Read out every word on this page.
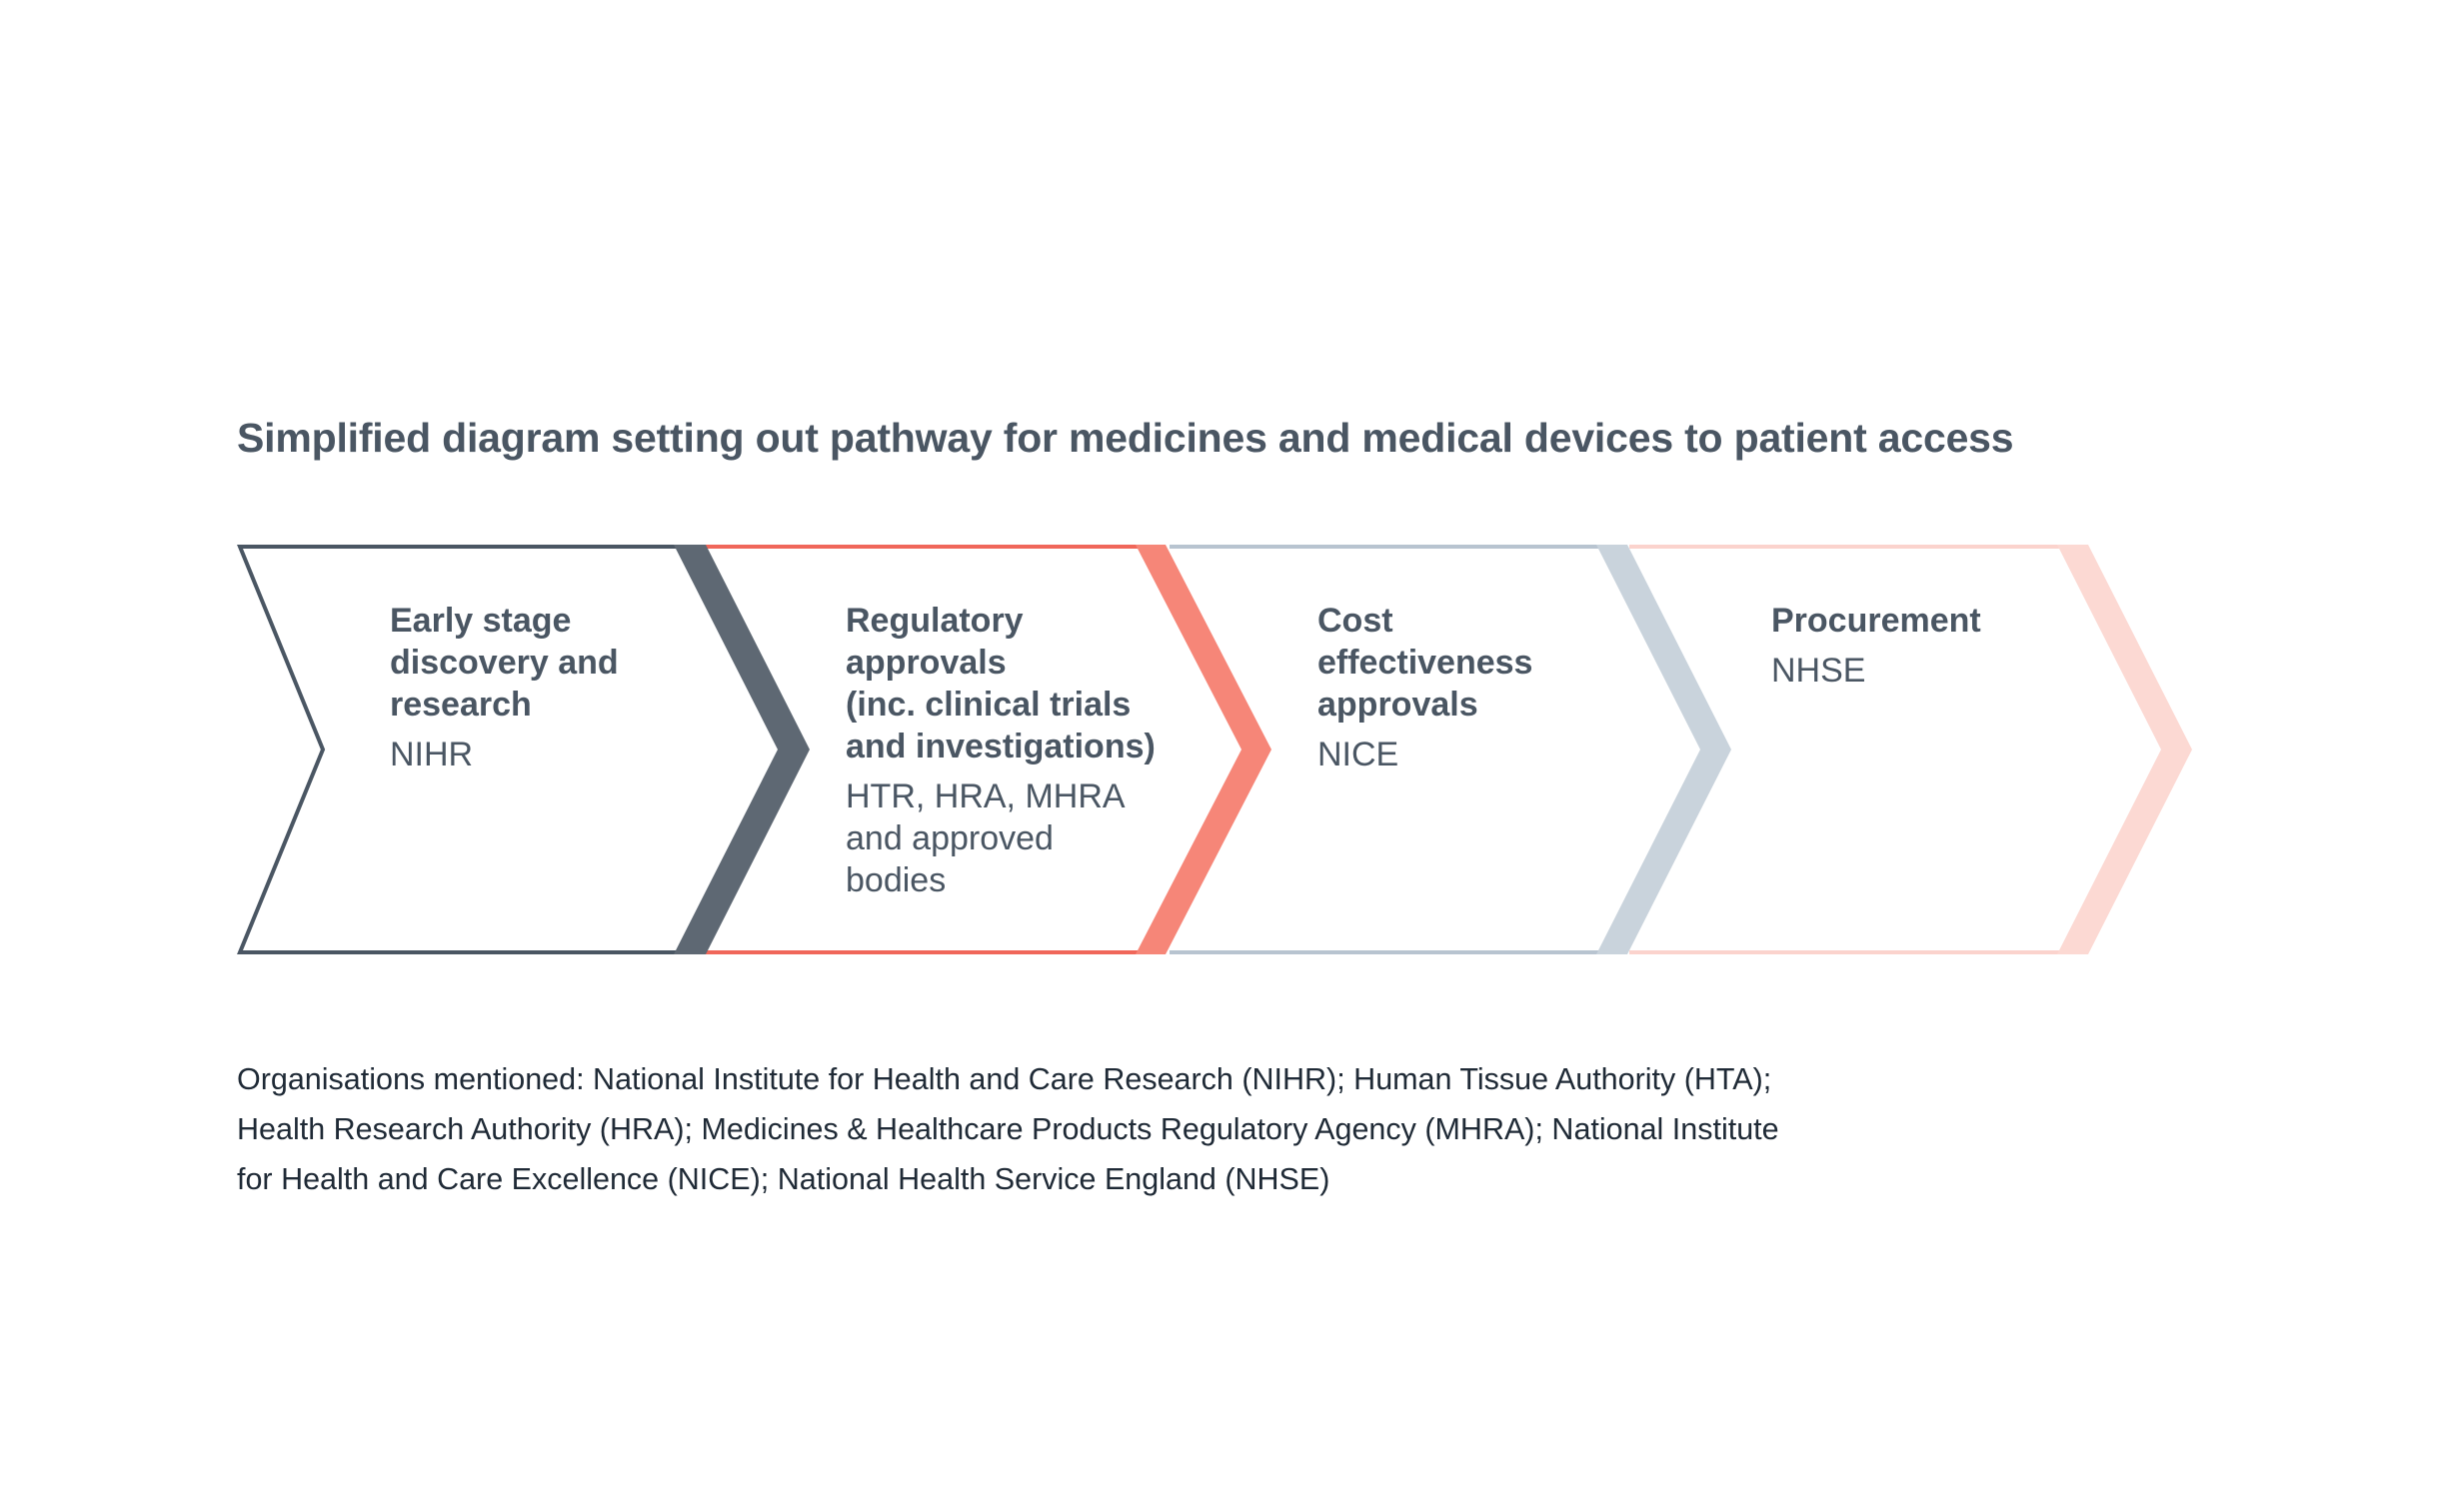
Simplified diagram setting out pathway for medicines and medical devices to patient access
Early stage
discovery and
research
NIHR
Regulatory
approvals
(inc. clinical trials
and investigations)
HTR, HRA, MHRA
and approved
bodies
Cost
effectiveness
approvals
NICE
Procurement
NHSE

Organisations mentioned: National Institute for Health and Care Research (NIHR); Human Tissue Authority (HTA);
Health Research Authority (HRA); Medicines & Healthcare Products Regulatory Agency (MHRA); National Institute
for Health and Care Excellence (NICE); National Health Service England (NHSE)
